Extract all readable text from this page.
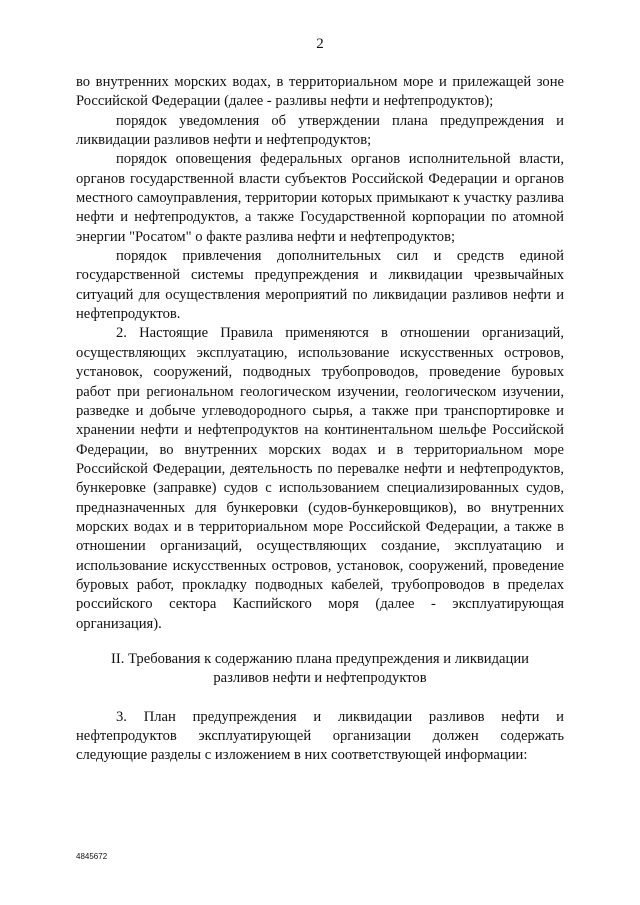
2

во внутренних морских водах, в территориальном море и прилежащей зоне Российской Федерации (далее - разливы нефти и нефтепродуктов);

порядок уведомления об утверждении плана предупреждения и ликвидации разливов нефти и нефтепродуктов;

порядок оповещения федеральных органов исполнительной власти, органов государственной власти субъектов Российской Федерации и органов местного самоуправления, территории которых примыкают к участку разлива нефти и нефтепродуктов, а также Государственной корпорации по атомной энергии "Росатом" о факте разлива нефти и нефтепродуктов;

порядок привлечения дополнительных сил и средств единой государственной системы предупреждения и ликвидации чрезвычайных ситуаций для осуществления мероприятий по ликвидации разливов нефти и нефтепродуктов.

2. Настоящие Правила применяются в отношении организаций, осуществляющих эксплуатацию, использование искусственных островов, установок, сооружений, подводных трубопроводов, проведение буровых работ при региональном геологическом изучении, геологическом изучении, разведке и добыче углеводородного сырья, а также при транспортировке и хранении нефти и нефтепродуктов на континентальном шельфе Российской Федерации, во внутренних морских водах и в территориальном море Российской Федерации, деятельность по перевалке нефти и нефтепродуктов, бункеровке (заправке) судов с использованием специализированных судов, предназначенных для бункеровки (судов-бункеровщиков), во внутренних морских водах и в территориальном море Российской Федерации, а также в отношении организаций, осуществляющих создание, эксплуатацию и использование искусственных островов, установок, сооружений, проведение буровых работ, прокладку подводных кабелей, трубопроводов в пределах российского сектора Каспийского моря (далее - эксплуатирующая организация).

II. Требования к содержанию плана предупреждения и ликвидации
разливов нефти и нефтепродуктов

3. План предупреждения и ликвидации разливов нефти и нефтепродуктов эксплуатирующей организации должен содержать следующие разделы с изложением в них соответствующей информации:

4845672
